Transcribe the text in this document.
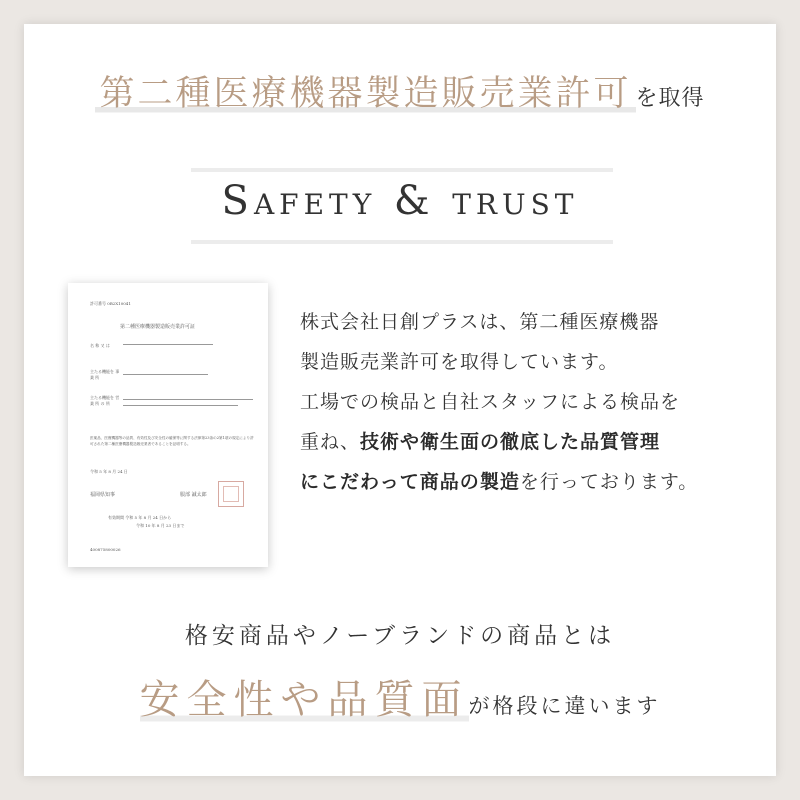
第二種医療機器製造販売業許可 を取得
Safety & trust
許可番号 0B2X10041
第二種医療機器製造販売業許可証
名 称 又 は
主たる機能を 事 業 所
主たる機能を 営 業 所 の 所
医薬品、医療機器等の品質、有効性及び安全性の確保等に関する法律第23条の2第1項の規定により許可された第二種医療機器製造販売業者であることを証明する。
令和 5 年 8 月 24 日
福岡県知事	服部 誠太郎
有効期間 令和 5 年 8 月 24 日から
令和 10 年 8 月 23 日まで
400875800026

株式会社日創プラスは、第二種医療機器

製造販売業許可を取得しています。

工場での検品と自社スタッフによる検品を

重ね、技術や衛生面の徹底した品質管理

にこだわって商品の製造を行っております。

格安商品やノーブランドの商品とは
安全性や品質面が格段に違います
